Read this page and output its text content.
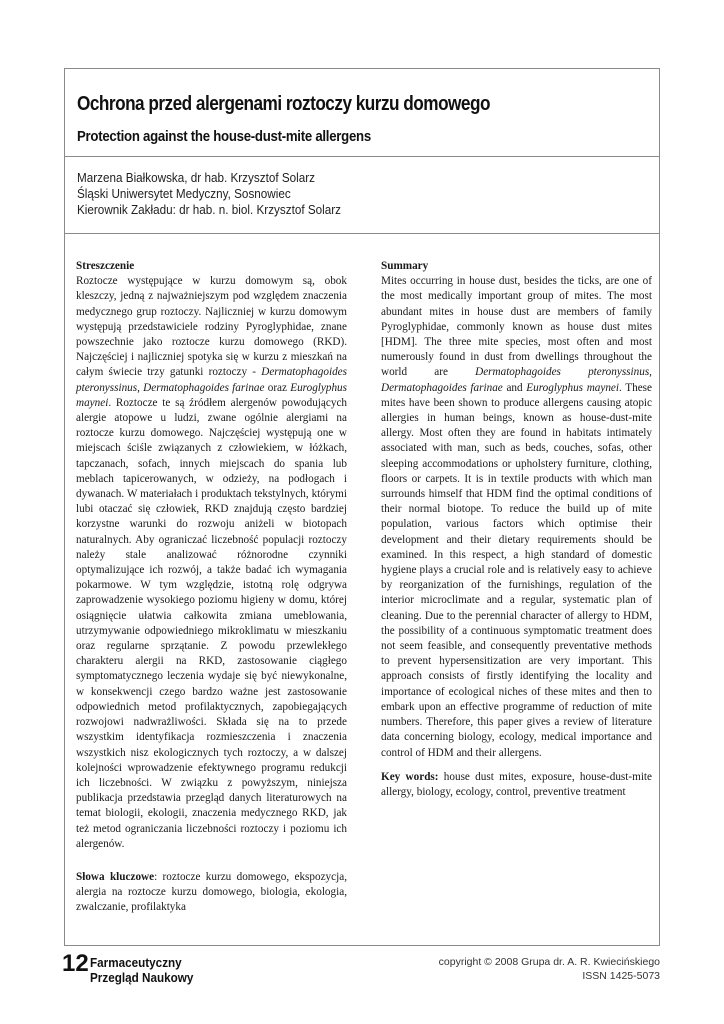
Ochrona przed alergenami roztoczy kurzu domowego
Protection against the house-dust-mite allergens
Marzena Białkowska, dr hab. Krzysztof Solarz
Śląski Uniwersytet Medyczny, Sosnowiec
Kierownik Zakładu: dr hab. n. biol. Krzysztof Solarz

Streszczenie

Roztocze występujące w kurzu domowym są, obok kleszczy, jedną z najważniejszym pod względem znaczenia medycznego grup roztoczy. Najliczniej w kurzu domowym występują przedstawiciele rodziny Pyroglyphidae, znane powszechnie jako roztocze kurzu domowego (RKD). Najczęściej i najliczniej spotyka się w kurzu z mieszkań na całym świecie trzy gatunki roztoczy - Dermatophagoides pteronyssinus, Dermatophagoides farinae oraz Euroglyphus maynei. Roztocze te są źródłem alergenów powodujących alergie atopowe u ludzi, zwane ogólnie alergiami na roztocze kurzu domowego. Najczęściej występują one w miejscach ściśle związanych z człowiekiem, w łóżkach, tapczanach, sofach, innych miejscach do spania lub meblach tapicerowanych, w odzieży, na podłogach i dywanach. W materiałach i produktach tekstylnych, którymi lubi otaczać się człowiek, RKD znajdują często bardziej korzystne warunki do rozwoju aniżeli w biotopach naturalnych. Aby ograniczać liczebność populacji roztoczy należy stale analizować różnorodne czynniki optymalizujące ich rozwój, a także badać ich wymagania pokarmowe. W tym względzie, istotną rolę odgrywa zaprowadzenie wysokiego poziomu higieny w domu, której osiągnięcie ułatwia całkowita zmiana umeblowania, utrzymywanie odpowiedniego mikroklimatu w mieszkaniu oraz regularne sprzątanie. Z powodu przewlekłego charakteru alergii na RKD, zastosowanie ciągłego symptomatycznego leczenia wydaje się być niewykonalne, w konsekwencji czego bardzo ważne jest zastosowanie odpowiednich metod profilaktycznych, zapobiegających rozwojowi nadwrażliwości. Składa się na to przede wszystkim identyfikacja rozmieszczenia i znaczenia wszystkich nisz ekologicznych tych roztoczy, a w dalszej kolejności wprowadzenie efektywnego programu redukcji ich liczebności. W związku z powyższym, niniejsza publikacja przedstawia przegląd danych literaturowych na temat biologii, ekologii, znaczenia medycznego RKD, jak też metod ograniczania liczebności roztoczy i poziomu ich alergenów.

Słowa kluczowe: roztocze kurzu domowego, ekspozycja, alergia na roztocze kurzu domowego, biologia, ekologia, zwalczanie, profilaktyka

Summary

Mites occurring in house dust, besides the ticks, are one of the most medically important group of mites. The most abundant mites in house dust are members of family Pyroglyphidae, commonly known as house dust mites [HDM]. The three mite species, most often and most numerously found in dust from dwellings throughout the world are Dermatophagoides pteronyssinus, Dermatophagoides farinae and Euroglyphus maynei. These mites have been shown to produce allergens causing atopic allergies in human beings, known as house-dust-mite allergy. Most often they are found in habitats intimately associated with man, such as beds, couches, sofas, other sleeping accommodations or upholstery furniture, clothing, floors or carpets. It is in textile products with which man surrounds himself that HDM find the optimal conditions of their normal biotope. To reduce the build up of mite population, various factors which optimise their development and their dietary requirements should be examined. In this respect, a high standard of domestic hygiene plays a crucial role and is relatively easy to achieve by reorganization of the furnishings, regulation of the interior microclimate and a regular, systematic plan of cleaning. Due to the perennial character of allergy to HDM, the possibility of a continuous symptomatic treatment does not seem feasible, and consequently preventative methods to prevent hypersensitization are very important. This approach consists of firstly identifying the locality and importance of ecological niches of these mites and then to embark upon an effective programme of reduction of mite numbers. Therefore, this paper gives a review of literature data concerning biology, ecology, medical importance and control of HDM and their allergens.

Key words: house dust mites, exposure, house-dust-mite allergy, biology, ecology, control, preventive treatment

12 Farmaceutyczny
Przegląd Naukowy
copyright © 2008 Grupa dr. A. R. Kwiecińskiego
ISSN 1425-5073
